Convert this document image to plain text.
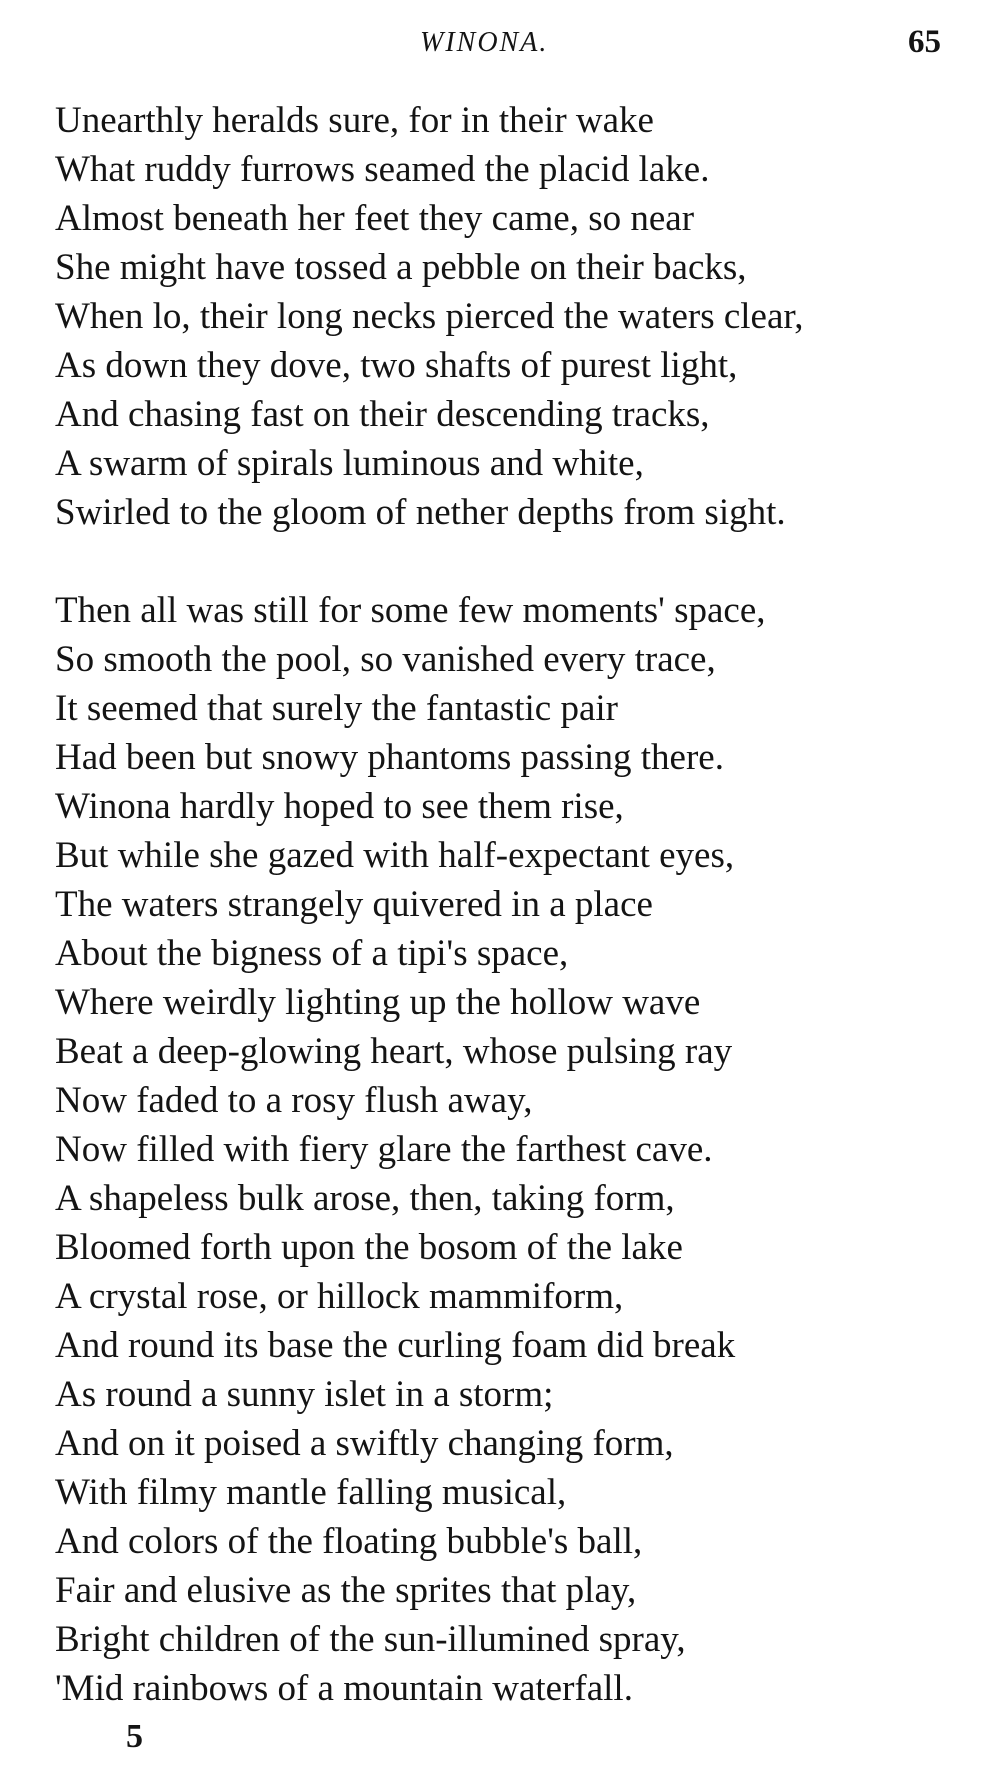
WINONA.	65
Unearthly heralds sure, for in their wake
What ruddy furrows seamed the placid lake.
Almost beneath her feet they came, so near
She might have tossed a pebble on their backs,
When lo, their long necks pierced the waters clear,
As down they dove, two shafts of purest light,
And chasing fast on their descending tracks,
A swarm of spirals luminous and white,
Swirled to the gloom of nether depths from sight.
Then all was still for some few moments' space,
So smooth the pool, so vanished every trace,
It seemed that surely the fantastic pair
Had been but snowy phantoms passing there.
Winona hardly hoped to see them rise,
But while she gazed with half-expectant eyes,
The waters strangely quivered in a place
About the bigness of a tipi's space,
Where weirdly lighting up the hollow wave
Beat a deep-glowing heart, whose pulsing ray
Now faded to a rosy flush away,
Now filled with fiery glare the farthest cave.
A shapeless bulk arose, then, taking form,
Bloomed forth upon the bosom of the lake
A crystal rose, or hillock mammiform,
And round its base the curling foam did break
As round a sunny islet in a storm;
And on it poised a swiftly changing form,
With filmy mantle falling musical,
And colors of the floating bubble's ball,
Fair and elusive as the sprites that play,
Bright children of the sun-illumined spray,
'Mid rainbows of a mountain waterfall.
5
